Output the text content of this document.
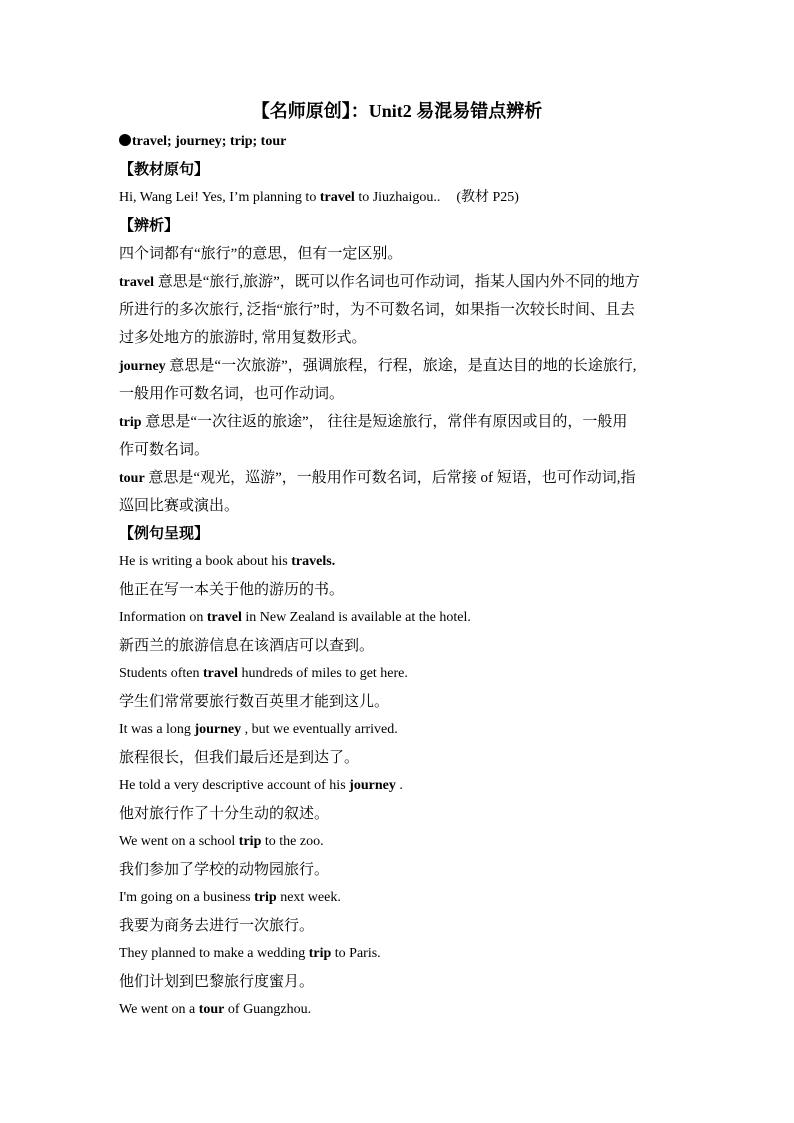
【名师原创】：Unit2 易混易错点辨析
travel; journey; trip; tour
【教材原句】
Hi, Wang Lei! Yes, I’m planning to travel to Jiuzhaigou.. (教材 P25)
【辨析】
四个词都有“旅行”的意思，但有一定区别。
travel 意思是“旅行,旅游”，既可以作名词也可作动词，指某人国内外不同的地方
所进行的多次旅行, 泛指“旅行”时，为不可数名词，如果指一次较长时间、且去
过多处地方的旅游时, 常用复数形式。
journey 意思是“一次旅游”，强调旅程，行程，旅途，是直达目的地的长途旅行,
一般用作可数名词，也可作动词。
trip 意思是“一次往返的旅途”， 往往是短途旅行，常伴有原因或目的，一般用
作可数名词。
tour 意思是“观光，巡游”，一般用作可数名词，后常接 of 短语，也可作动词,指
巡回比赛或演出。
【例句呈现】
He is writing a book about his travels.
他正在写一本关于他的游历的书。
Information on travel in New Zealand is available at the hotel.
新西兰的旅游信息在该酒店可以查到。
Students often travel hundreds of miles to get here.
学生们常常要旅行数百英里才能到这儿。
It was a long journey , but we eventually arrived.
旅程很长，但我们最后还是到达了。
He told a very descriptive account of his journey .
他对旅行作了十分生动的叙述。
We went on a school trip to the zoo.
我们参加了学校的动物园旅行。
I'm going on a business trip next week.
我要为商务去进行一次旅行。
They planned to make a wedding trip to Paris.
他们计划到巴黎旅行度蜜月。
We went on a tour of Guangzhou.
